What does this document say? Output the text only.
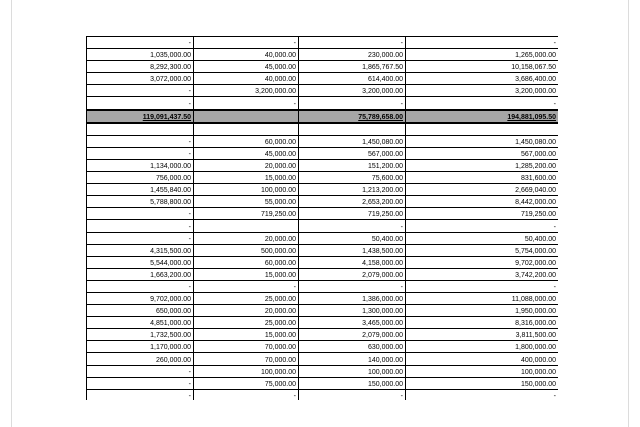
-	-	-	-
1,035,000.00	40,000.00	230,000.00	1,265,000.00
8,292,300.00	45,000.00	1,865,767.50	10,158,067.50
3,072,000.00	40,000.00	614,400.00	3,686,400.00
-	3,200,000.00	3,200,000.00	3,200,000.00
-	-	-	-
119,091,437.50		75,789,658.00	194,881,095.50

-	60,000.00	1,450,080.00	1,450,080.00
-	45,000.00	567,000.00	567,000.00
1,134,000.00	20,000.00	151,200.00	1,285,200.00
756,000.00	15,000.00	75,600.00	831,600.00
1,455,840.00	100,000.00	1,213,200.00	2,669,040.00
5,788,800.00	55,000.00	2,653,200.00	8,442,000.00
-	719,250.00	719,250.00	719,250.00
-		-	-
-	20,000.00	50,400.00	50,400.00
4,315,500.00	500,000.00	1,438,500.00	5,754,000.00
5,544,000.00	60,000.00	4,158,000.00	9,702,000.00
1,663,200.00	15,000.00	2,079,000.00	3,742,200.00
-	-	-	-
9,702,000.00	25,000.00	1,386,000.00	11,088,000.00
650,000.00	20,000.00	1,300,000.00	1,950,000.00
4,851,000.00	25,000.00	3,465,000.00	8,316,000.00
1,732,500.00	15,000.00	2,079,000.00	3,811,500.00
1,170,000.00	70,000.00	630,000.00	1,800,000.00
260,000.00	70,000.00	140,000.00	400,000.00
-	100,000.00	100,000.00	100,000.00
-	75,000.00	150,000.00	150,000.00
-	-	-	-
